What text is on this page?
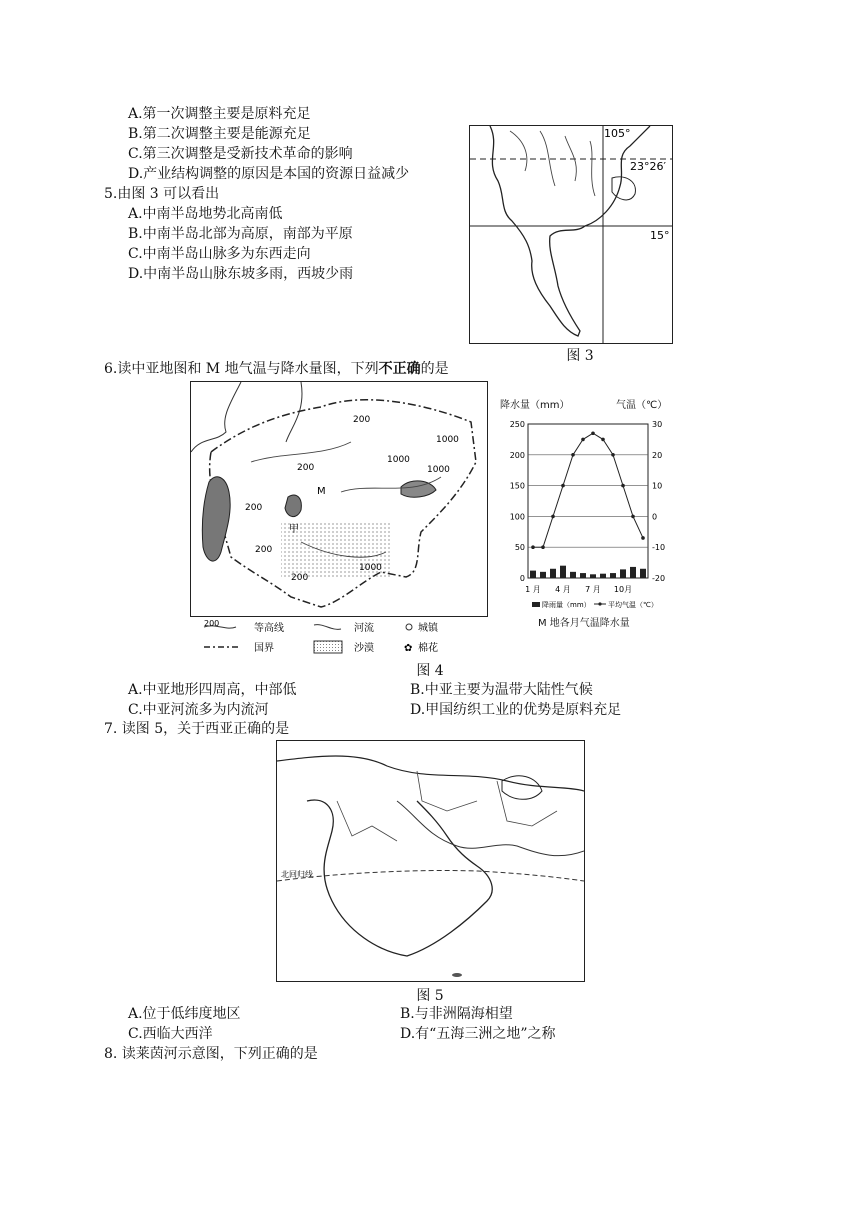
A.第一次调整主要是原料充足
B.第二次调整主要是能源充足
C.第三次调整是受新技术革命的影响
D.产业结构调整的原因是本国的资源日益减少
5.由图 3 可以看出
A.中南半岛地势北高南低
B.中南半岛北部为高原，南部为平原
C.中南半岛山脉多为东西走向
D.中南半岛山脉东坡多雨，西坡少雨
105°
23°26′
15°
图 3
6.读中亚地图和 M 地气温与降水量图，下列不正确的是
200
200
200
200
200
1000
1000
1000
1000
M
甲
200	等高线	河流	城镇
国界	沙漠	✿ 棉花
降水量（mm）	气温（℃）
0
50
100
150
200
250
-20
-10
0
10
20
30
1 月 4 月 7 月 10月
降雨量（mm） 平均气温（℃）
M 地各月气温降水量
图 4
A.中亚地形四周高，中部低	B.中亚主要为温带大陆性气候
C.中亚河流多为内流河	D.甲国纺织工业的优势是原料充足
7. 读图 5，关于西亚正确的是
北回归线
图 5
A.位于低纬度地区	B.与非洲隔海相望
C.西临大西洋	D.有“五海三洲之地”之称
8. 读莱茵河示意图，下列正确的是
